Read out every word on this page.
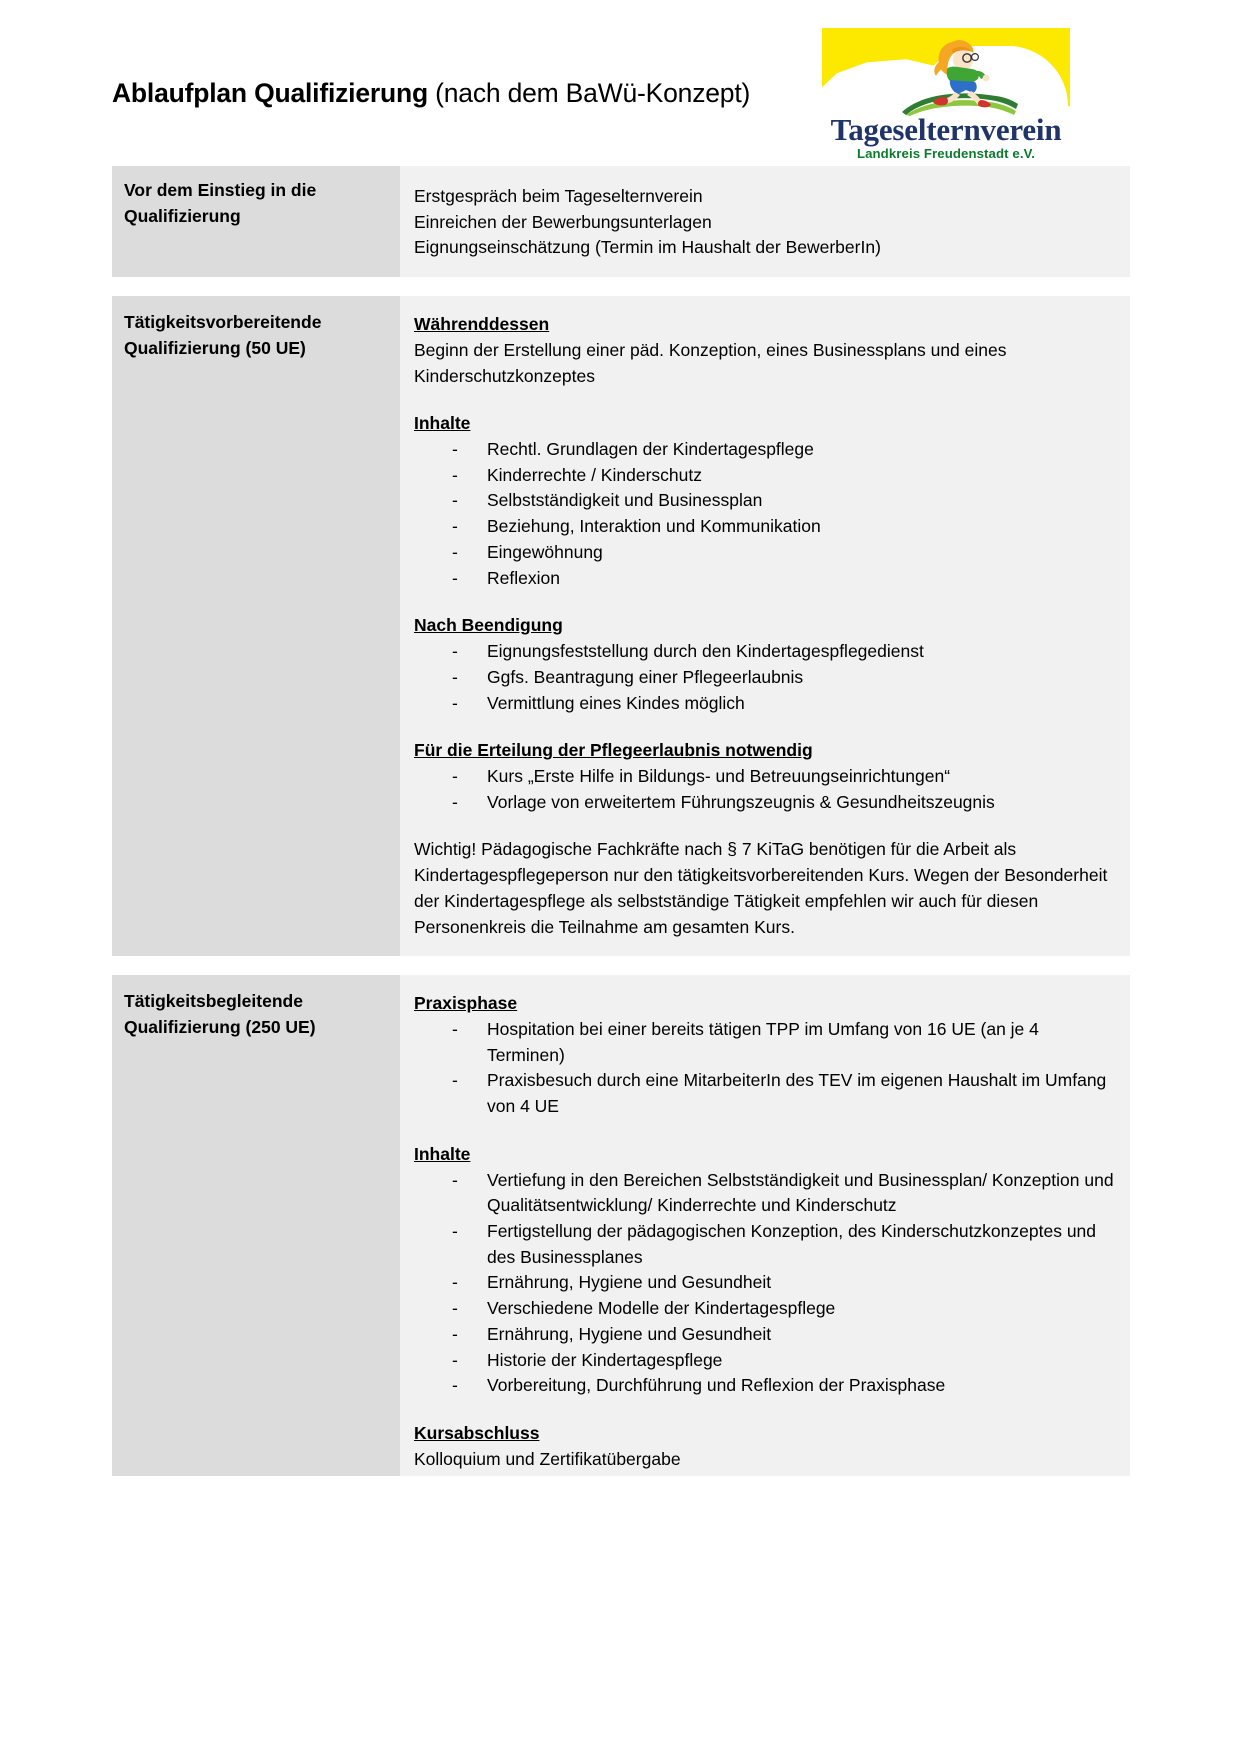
Ablaufplan Qualifizierung (nach dem BaWü-Konzept)
Tageselternverein
Landkreis Freudenstadt e.V.
Vor dem Einstieg in die Qualifizierung
Erstgespräch beim Tageselternverein
Einreichen der Bewerbungsunterlagen
Eignungseinschätzung (Termin im Haushalt der BewerberIn)
Tätigkeitsvorbereitende Qualifizierung (50 UE)
Währenddessen
Beginn der Erstellung einer päd. Konzeption, eines Businessplans und eines Kinderschutzkonzeptes
Inhalte
- Rechtl. Grundlagen der Kindertagespflege
- Kinderrechte / Kinderschutz
- Selbstständigkeit und Businessplan
- Beziehung, Interaktion und Kommunikation
- Eingewöhnung
- Reflexion
Nach Beendigung
- Eignungsfeststellung durch den Kindertagespflegedienst
- Ggfs. Beantragung einer Pflegeerlaubnis
- Vermittlung eines Kindes möglich
Für die Erteilung der Pflegeerlaubnis notwendig
- Kurs „Erste Hilfe in Bildungs- und Betreuungseinrichtungen“
- Vorlage von erweitertem Führungszeugnis & Gesundheitszeugnis
Wichtig! Pädagogische Fachkräfte nach § 7 KiTaG benötigen für die Arbeit als Kindertagespflegeperson nur den tätigkeitsvorbereitenden Kurs. Wegen der Besonderheit der Kindertagespflege als selbstständige Tätigkeit empfehlen wir auch für diesen Personenkreis die Teilnahme am gesamten Kurs.
Tätigkeitsbegleitende Qualifizierung (250 UE)
Praxisphase
- Hospitation bei einer bereits tätigen TPP im Umfang von 16 UE (an je 4 Terminen)
- Praxisbesuch durch eine MitarbeiterIn des TEV im eigenen Haushalt im Umfang von 4 UE
Inhalte
- Vertiefung in den Bereichen Selbstständigkeit und Businessplan/ Konzeption und Qualitätsentwicklung/ Kinderrechte und Kinderschutz
- Fertigstellung der pädagogischen Konzeption, des Kinderschutzkonzeptes und des Businessplanes
- Ernährung, Hygiene und Gesundheit
- Verschiedene Modelle der Kindertagespflege
- Ernährung, Hygiene und Gesundheit
- Historie der Kindertagespflege
- Vorbereitung, Durchführung und Reflexion der Praxisphase
Kursabschluss
Kolloquium und Zertifikatübergabe
